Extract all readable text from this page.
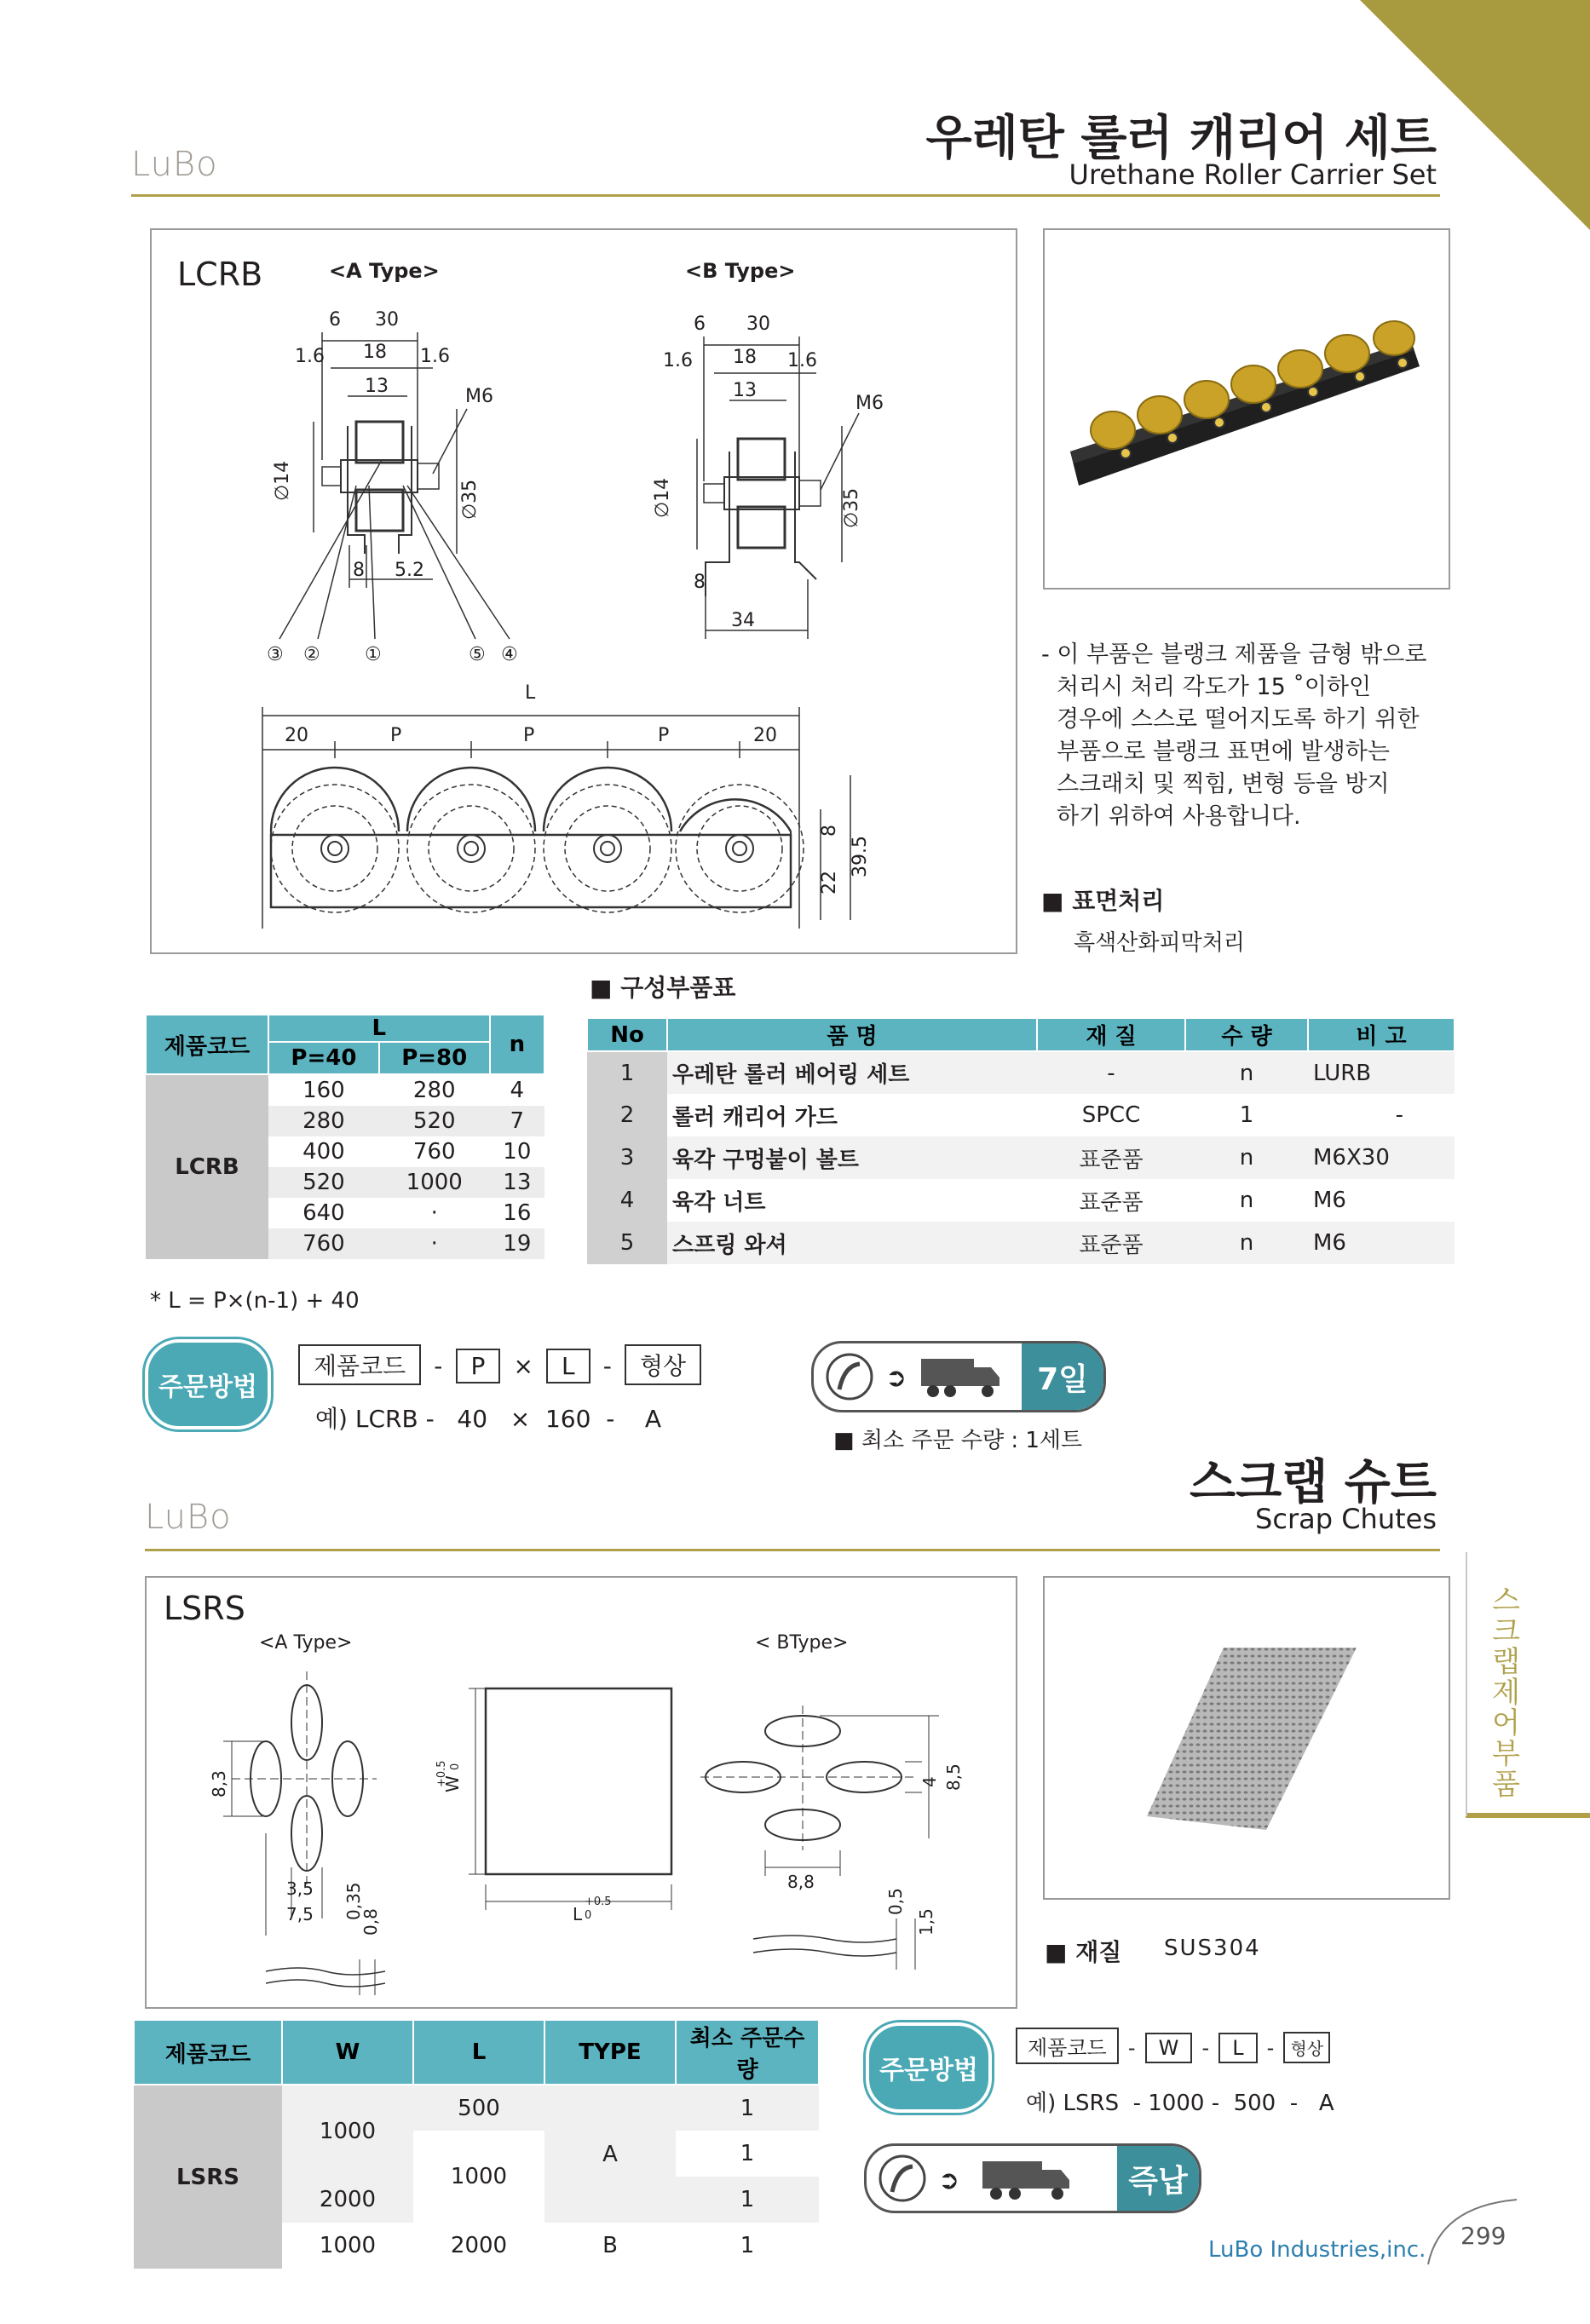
LuBo	우레탄 롤러 캐리어 세트
Urethane Roller Carrier Set
LCRB	<A Type>	<B Type>
6 30
1.6 18 1.6
13	M6
∅14	∅35
8 5.2
③ ② ①	⑤ ④
6 30
1.6 18 1.6
13
M6
∅14	∅35
8
34
L
20	P	P	P	20
8
22
39.5
- 이 부품은 블랭크 제품을 금형 밖으로
처리시 처리 각도가 15 ˚이하인
경우에 스스로 떨어지도록 하기 위한
부품으로 블랭크 표면에 발생하는
스크래치 및 찍힘, 변형 등을 방지
하기 위하여 사용합니다.
■ 표면처리
흑색산화피막처리
■ 구성부품표
제품코드	L		n
	P=40	P=80	
LCRB	160	280	4
	280	520	7
	400	760	10
	520	1000	13
	640	·	16
	760	·	19
* L = P×(n-1) + 40
No	품 명	재 질	수 량	비 고
1	우레탄 롤러 베어링 세트	-	n	LURB
2	롤러 캐리어 가드	SPCC	1	-
3	육각 구멍붙이 볼트	표준품	n	M6X30
4	육각 너트	표준품	n	M6
5	스프링 와셔	표준품	n	M6
주문방법
제품코드 - P × L - 형상
예) LCRB -   40   ×  160  -    A
➲	7일
■ 최소 주문 수량 : 1세트
스크랩 슈트
Scrap Chutes
LuBo
스크랩제어부품
LSRS
<A Type>	< BType>
8,3
3,5
7,5 0,35
0,8
W
+0.5 0
L
+0.5
0
4 8,5
8,8
0,5
1,5
■ 재질 SUS304
제품코드	W	L	TYPE	최소 주문수량
LSRS	1000	500	A	1
		1000		1
	2000			1
	1000	2000	B	1
주문방법
제품코드 - W - L - 형상
예) LSRS  - 1000 -  500  -   A
➲	즉납
LuBo Industries,inc. 299
